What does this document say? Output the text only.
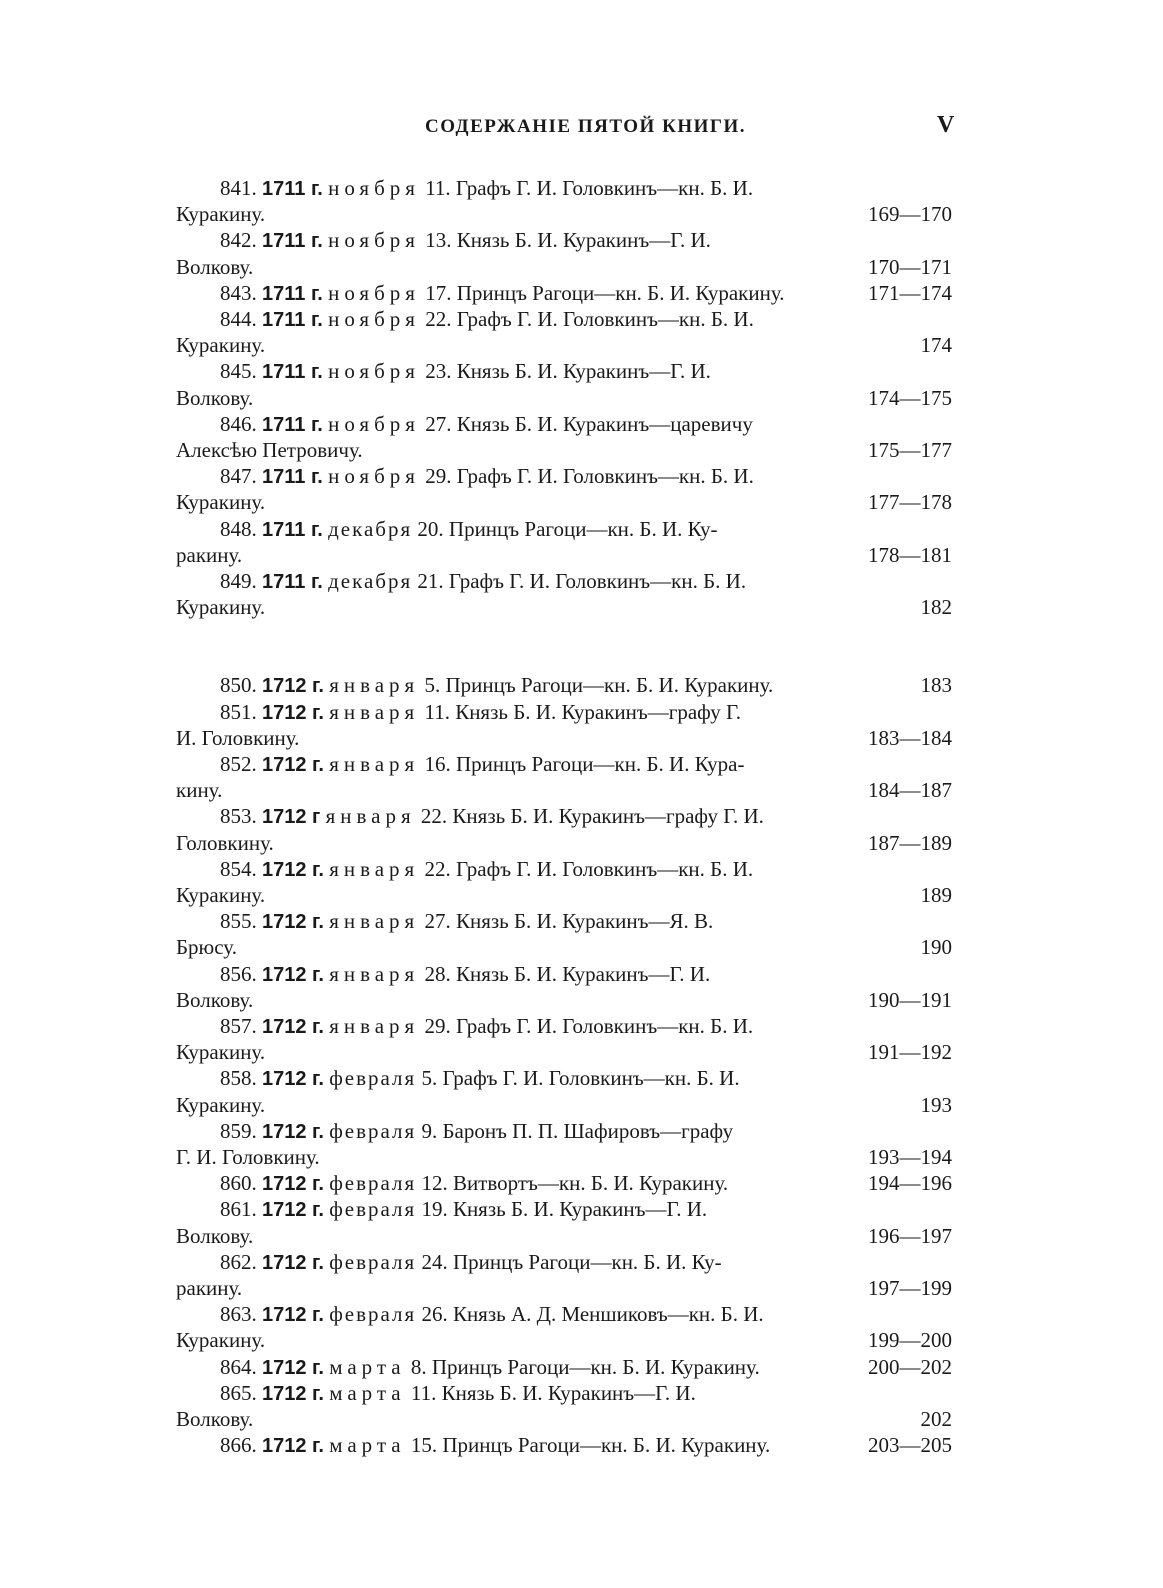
СОДЕРЖАНІЕ ПЯТОЙ КНИГИ.	V
841. 1711 г. ноября 11. Графъ Г. И. Головкинъ—кн. Б. И.
Куракину.	169—170
842. 1711 г. ноября 13. Князь Б. И. Куракинъ—Г. И.
Волкову.	170—171
843. 1711 г. ноября 17. Принцъ Рагоци—кн. Б. И. Куракину.	171—174
844. 1711 г. ноября 22. Графъ Г. И. Головкинъ—кн. Б. И.
Куракину.	174
845. 1711 г. ноября 23. Князь Б. И. Куракинъ—Г. И.
Волкову.	174—175
846. 1711 г. ноября 27. Князь Б. И. Куракинъ—царевичу
Алексѣю Петровичу.	175—177
847. 1711 г. ноября 29. Графъ Г. И. Головкинъ—кн. Б. И.
Куракину.	177—178
848. 1711 г. декабря 20. Принцъ Рагоци—кн. Б. И. Ку-
ракину.	178—181
849. 1711 г. декабря 21. Графъ Г. И. Головкинъ—кн. Б. И.
Куракину.	182
850. 1712 г. января 5. Принцъ Рагоци—кн. Б. И. Куракину.	183
851. 1712 г. января 11. Князь Б. И. Куракинъ—графу Г.
И. Головкину.	183—184
852. 1712 г. января 16. Принцъ Рагоци—кн. Б. И. Кура-
кину.	184—187
853. 1712 г января 22. Князь Б. И. Куракинъ—графу Г. И.
Головкину.	187—189
854. 1712 г. января 22. Графъ Г. И. Головкинъ—кн. Б. И.
Куракину.	189
855. 1712 г. января 27. Князь Б. И. Куракинъ—Я. В.
Брюсу.	190
856. 1712 г. января 28. Князь Б. И. Куракинъ—Г. И.
Волкову.	190—191
857. 1712 г. января 29. Графъ Г. И. Головкинъ—кн. Б. И.
Куракину.	191—192
858. 1712 г. февраля 5. Графъ Г. И. Головкинъ—кн. Б. И.
Куракину.	193
859. 1712 г. февраля 9. Баронъ П. П. Шафировъ—графу
Г. И. Головкину.	193—194
860. 1712 г. февраля 12. Витвортъ—кн. Б. И. Куракину.	194—196
861. 1712 г. февраля 19. Князь Б. И. Куракинъ—Г. И.
Волкову.	196—197
862. 1712 г. февраля 24. Принцъ Рагоци—кн. Б. И. Ку-
ракину.	197—199
863. 1712 г. февраля 26. Князь А. Д. Меншиковъ—кн. Б. И.
Куракину.	199—200
864. 1712 г. марта 8. Принцъ Рагоци—кн. Б. И. Куракину.	200—202
865. 1712 г. марта 11. Князь Б. И. Куракинъ—Г. И.
Волкову.	202
866. 1712 г. марта 15. Принцъ Рагоци—кн. Б. И. Куракину.	203—205
